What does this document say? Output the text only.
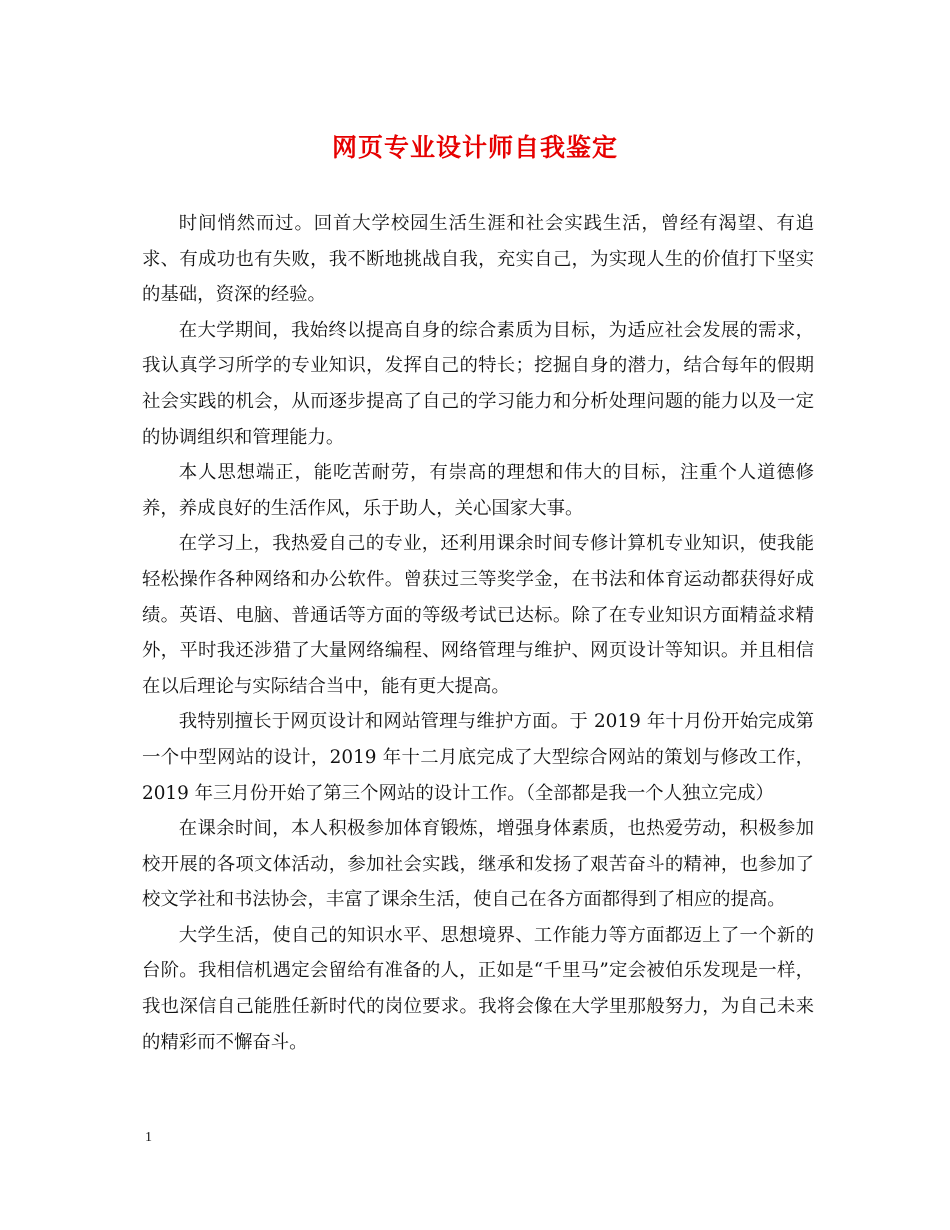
网页专业设计师自我鉴定

时间悄然而过。回首大学校园生活生涯和社会实践生活，曾经有渴望、有追求、有成功也有失败，我不断地挑战自我，充实自己，为实现人生的价值打下坚实的基础，资深的经验。

在大学期间，我始终以提高自身的综合素质为目标，为适应社会发展的需求，我认真学习所学的专业知识，发挥自己的特长；挖掘自身的潜力，结合每年的假期社会实践的机会，从而逐步提高了自己的学习能力和分析处理问题的能力以及一定的协调组织和管理能力。

本人思想端正，能吃苦耐劳，有崇高的理想和伟大的目标，注重个人道德修养，养成良好的生活作风，乐于助人，关心国家大事。

在学习上，我热爱自己的专业，还利用课余时间专修计算机专业知识，使我能轻松操作各种网络和办公软件。曾获过三等奖学金，在书法和体育运动都获得好成绩。英语、电脑、普通话等方面的等级考试已达标。除了在专业知识方面精益求精外，平时我还涉猎了大量网络编程、网络管理与维护、网页设计等知识。并且相信在以后理论与实际结合当中，能有更大提高。

我特别擅长于网页设计和网站管理与维护方面。于 2019 年十月份开始完成第一个中型网站的设计，2019 年十二月底完成了大型综合网站的策划与修改工作，2019 年三月份开始了第三个网站的设计工作。（全部都是我一个人独立完成）

在课余时间，本人积极参加体育锻炼，增强身体素质，也热爱劳动，积极参加校开展的各项文体活动，参加社会实践，继承和发扬了艰苦奋斗的精神，也参加了校文学社和书法协会，丰富了课余生活，使自己在各方面都得到了相应的提高。

大学生活，使自己的知识水平、思想境界、工作能力等方面都迈上了一个新的台阶。我相信机遇定会留给有准备的人，正如是“千里马”定会被伯乐发现是一样，我也深信自己能胜任新时代的岗位要求。我将会像在大学里那般努力，为自己未来的精彩而不懈奋斗。

1
